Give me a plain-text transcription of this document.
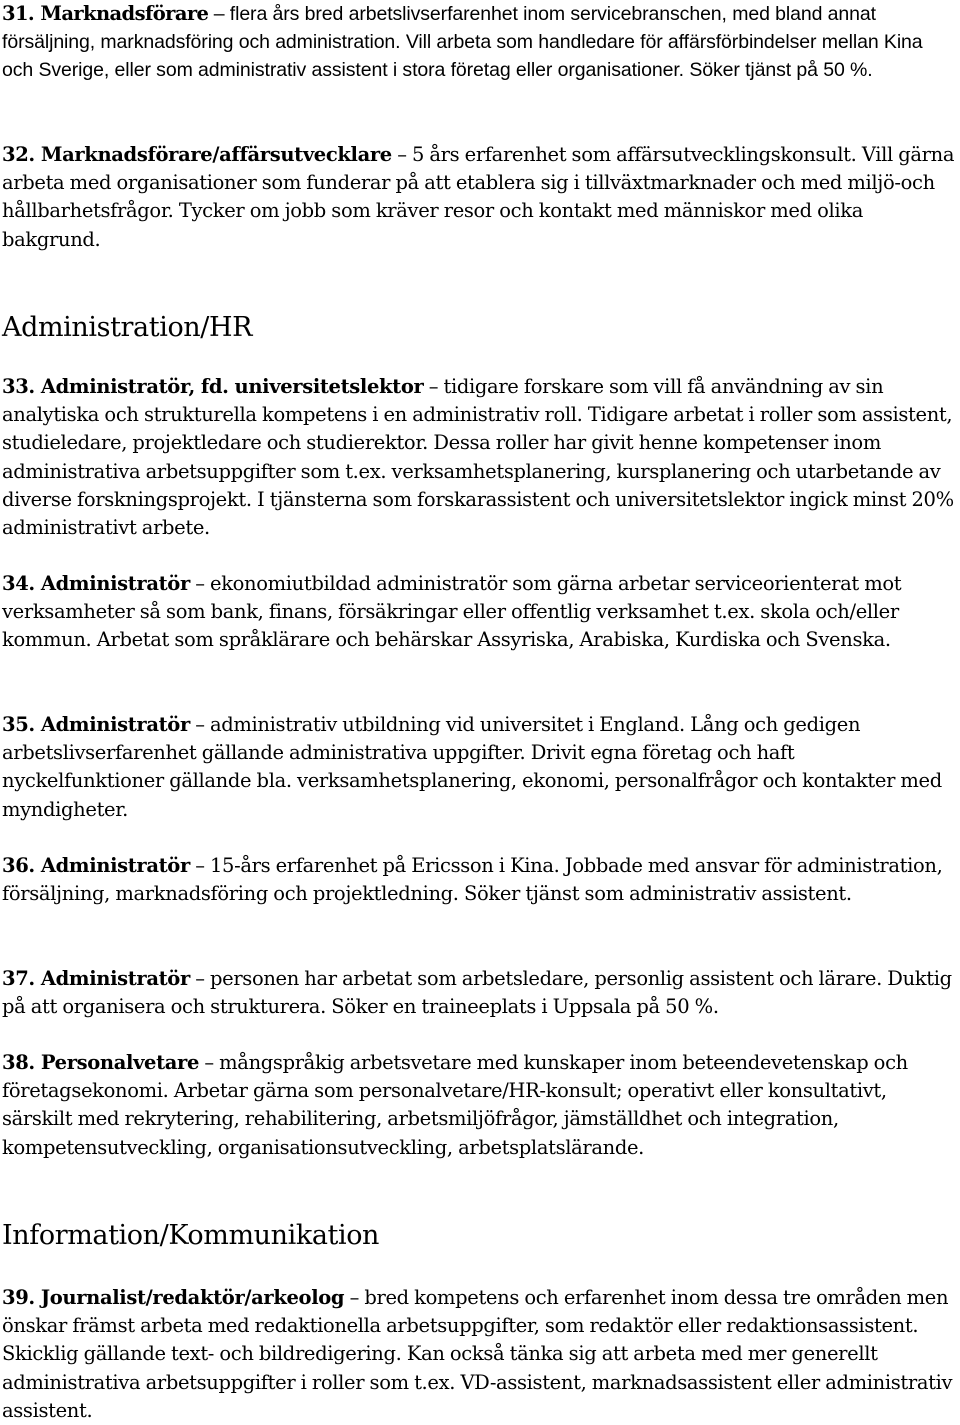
31. Marknadsförare – flera års bred arbetslivserfarenhet inom servicebranschen, med bland annat försäljning, marknadsföring och administration. Vill arbeta som handledare för affärsförbindelser mellan Kina och Sverige, eller som administrativ assistent i stora företag eller organisationer. Söker tjänst på 50 %.

32. Marknadsförare/affärsutvecklare – 5 års erfarenhet som affärsutvecklingskonsult. Vill gärna arbeta med organisationer som funderar på att etablera sig i tillväxtmarknader och med miljö-och hållbarhetsfrågor. Tycker om jobb som kräver resor och kontakt med människor med olika bakgrund.

Administration/HR

33. Administratör, fd. universitetslektor – tidigare forskare som vill få användning av sin analytiska och strukturella kompetens i en administrativ roll. Tidigare arbetat i roller som assistent, studieledare, projektledare och studierektor. Dessa roller har givit henne kompetenser inom administrativa arbetsuppgifter som t.ex. verksamhetsplanering, kursplanering och utarbetande av diverse forskningsprojekt. I tjänsterna som forskarassistent och universitetslektor ingick minst 20% administrativt arbete.

34. Administratör – ekonomiutbildad administratör som gärna arbetar serviceorienterat mot verksamheter så som bank, finans, försäkringar eller offentlig verksamhet t.ex. skola och/eller kommun. Arbetat som språklärare och behärskar Assyriska, Arabiska, Kurdiska och Svenska.

35. Administratör – administrativ utbildning vid universitet i England. Lång och gedigen arbetslivserfarenhet gällande administrativa uppgifter. Drivit egna företag och haft nyckelfunktioner gällande bla. verksamhetsplanering, ekonomi, personalfrågor och kontakter med myndigheter.

36. Administratör – 15-års erfarenhet på Ericsson i Kina. Jobbade med ansvar för administration, försäljning, marknadsföring och projektledning. Söker tjänst som administrativ assistent.

37. Administratör – personen har arbetat som arbetsledare, personlig assistent och lärare. Duktig på att organisera och strukturera. Söker en traineeplats i Uppsala på 50 %.

38. Personalvetare – mångspråkig arbetsvetare med kunskaper inom beteendevetenskap och företagsekonomi. Arbetar gärna som personalvetare/HR-konsult; operativt eller konsultativt, särskilt med rekrytering, rehabilitering, arbetsmiljöfrågor, jämställdhet och integration, kompetensutveckling, organisationsutveckling, arbetsplatslärande.

Information/Kommunikation

39. Journalist/redaktör/arkeolog – bred kompetens och erfarenhet inom dessa tre områden men önskar främst arbeta med redaktionella arbetsuppgifter, som redaktör eller redaktionsassistent. Skicklig gällande text- och bildredigering. Kan också tänka sig att arbeta med mer generellt administrativa arbetsuppgifter i roller som t.ex. VD-assistent, marknadsassistent eller administrativ assistent.
